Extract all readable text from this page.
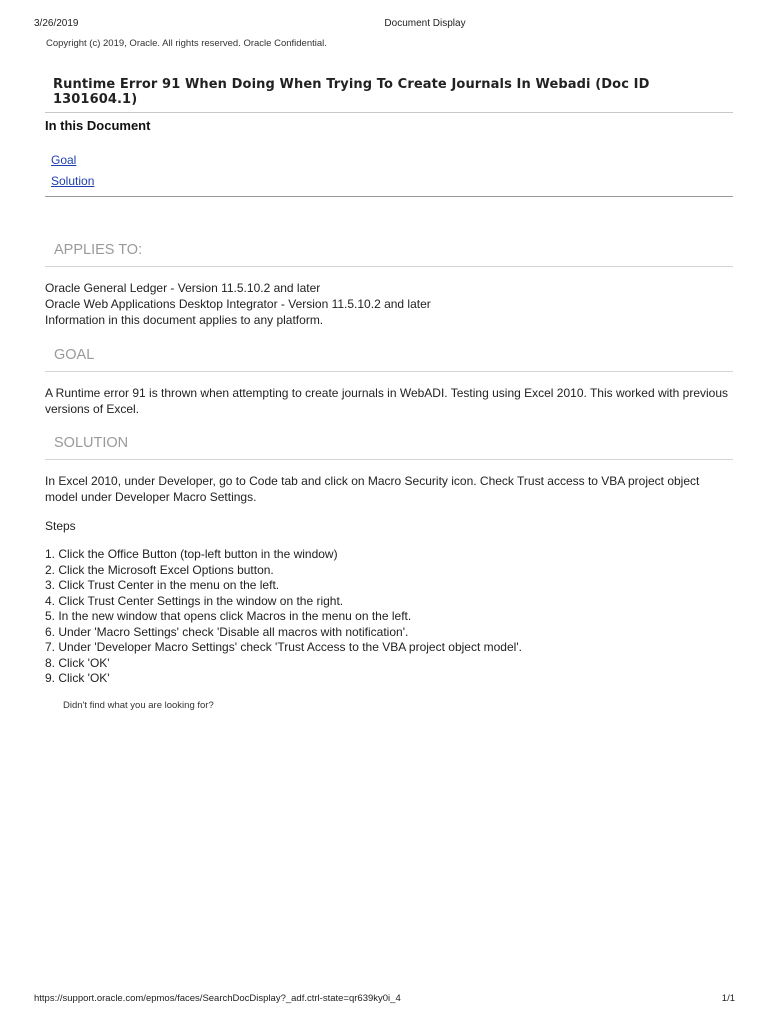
3/26/2019	Document Display
Copyright (c) 2019, Oracle. All rights reserved. Oracle Confidential.
Runtime Error 91 When Doing When Trying To Create Journals In Webadi (Doc ID 1301604.1)
In this Document
Goal
Solution
APPLIES TO:
Oracle General Ledger - Version 11.5.10.2 and later
Oracle Web Applications Desktop Integrator - Version 11.5.10.2 and later
Information in this document applies to any platform.
GOAL

A Runtime error 91 is thrown when attempting to create journals in WebADI. Testing using Excel 2010. This worked with previous versions of Excel.

SOLUTION

In Excel 2010, under Developer, go to Code tab and click on Macro Security icon. Check Trust access to VBA project object model under Developer Macro Settings.

Steps
1. Click the Office Button (top-left button in the window)
2. Click the Microsoft Excel Options button.
3. Click Trust Center in the menu on the left.
4. Click Trust Center Settings in the window on the right.
5. In the new window that opens click Macros in the menu on the left.
6. Under 'Macro Settings' check 'Disable all macros with notification'.
7. Under 'Developer Macro Settings' check 'Trust Access to the VBA project object model'.
8. Click 'OK'
9. Click 'OK'
Didn't find what you are looking for?
https://support.oracle.com/epmos/faces/SearchDocDisplay?_adf.ctrl-state=qr639ky0i_4	1/1
